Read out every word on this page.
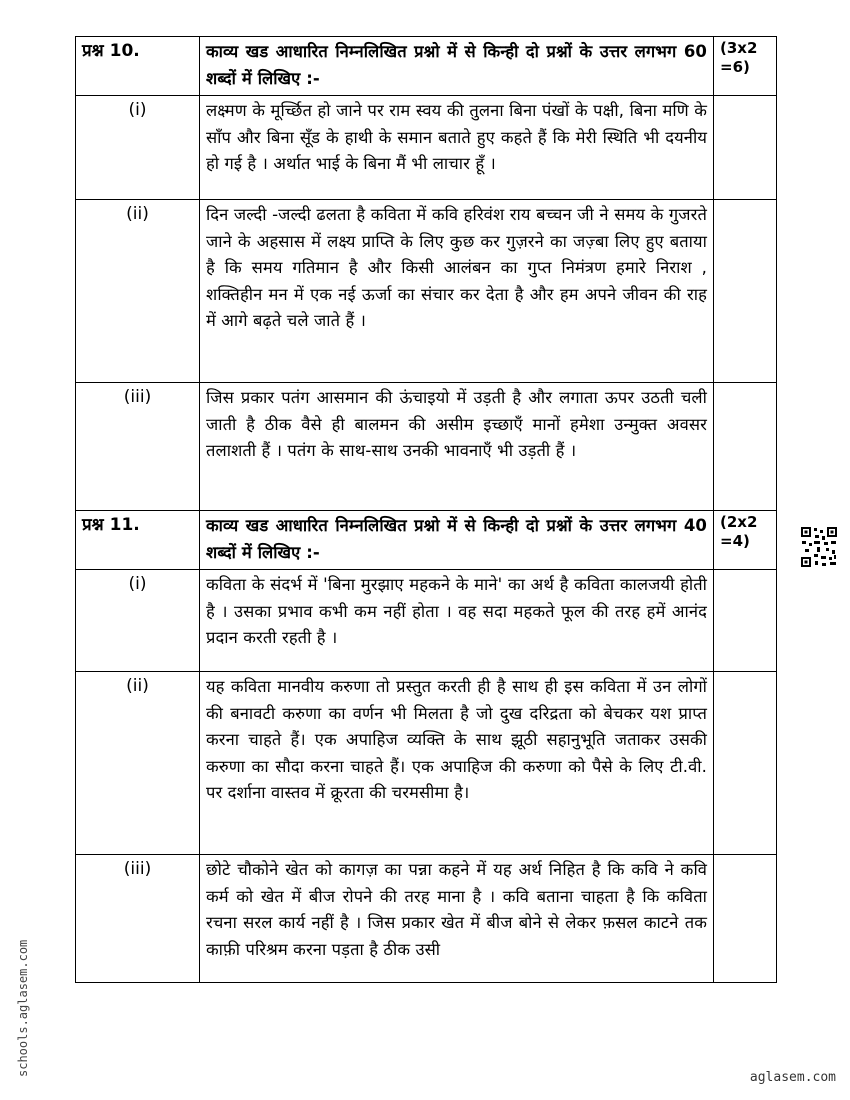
प्रश्न 10.	काव्य खड आधारित निम्नलिखित प्रश्नो में से किन्ही दो प्रश्नों के उत्तर लगभग 60 शब्दों में लिखिए :-	(3x2
=6)
(i)	लक्ष्मण के मूर्च्छित हो जाने पर राम स्वय की तुलना बिना पंखों के पक्षी, बिना मणि के साँप और बिना सूँड के हाथी के समान बताते हुए कहते हैं कि मेरी स्थिति भी दयनीय हो गई है । अर्थात भाई के बिना मैं भी लाचार हूँ ।	
(ii)	दिन जल्दी -जल्दी ढलता है कविता में कवि हरिवंश राय बच्चन जी ने समय के गुजरते जाने के अहसास में लक्ष्य प्राप्ति के लिए कुछ कर गुज़रने का जज़्बा लिए हुए बताया है कि समय गतिमान है और किसी आलंबन का गुप्त निमंत्रण हमारे निराश , शक्तिहीन मन में एक नई ऊर्जा का संचार कर देता है और हम अपने जीवन की राह में आगे बढ़ते चले जाते हैं ।	
(iii)	जिस प्रकार पतंग आसमान की ऊंचाइयो में उड़ती है और लगाता ऊपर उठती चली जाती है ठीक वैसे ही बालमन की असीम इच्छाएँ मानों हमेशा उन्मुक्त अवसर तलाशती हैं । पतंग के साथ-साथ उनकी भावनाएँ भी उड़ती हैं ।	
प्रश्न 11.	काव्य खड आधारित निम्नलिखित प्रश्नो में से किन्ही दो प्रश्नों के उत्तर लगभग 40 शब्दों में लिखिए :-	(2x2
=4)
(i)	कविता के संदर्भ में 'बिना मुरझाए महकने के माने' का अर्थ है कविता कालजयी होती है । उसका प्रभाव कभी कम नहीं होता । वह सदा महकते फूल की तरह हमें आनंद प्रदान करती रहती है ।	
(ii)	यह कविता मानवीय करुणा तो प्रस्तुत करती ही है साथ ही इस कविता में उन लोगों की बनावटी करुणा का वर्णन भी मिलता है जो दुख दरिद्रता को बेचकर यश प्राप्त करना चाहते हैं। एक अपाहिज व्यक्ति के साथ झूठी सहानुभूति जताकर उसकी करुणा का सौदा करना चाहते हैं। एक अपाहिज की करुणा को पैसे के लिए टी.वी. पर दर्शाना वास्तव में क्रूरता की चरमसीमा है।	
(iii)	छोटे चौकोने खेत को कागज़ का पन्ना कहने में यह अर्थ निहित है कि कवि ने कवि कर्म को खेत में बीज रोपने की तरह माना है । कवि बताना चाहता है कि कविता रचना सरल कार्य नहीं है । जिस प्रकार खेत में बीज बोने से लेकर फ़सल काटने तक काफ़ी परिश्रम करना पड़ता है ठीक उसी	
schools.aglasem.com
aglasem.com
